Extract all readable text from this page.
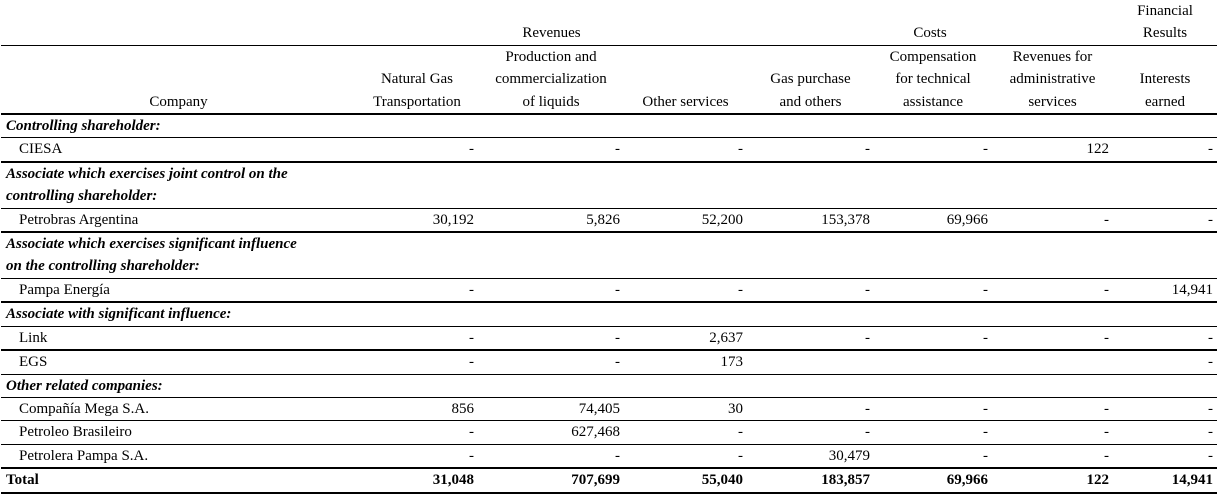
							Financial
	Revenues			Costs			Results
		Production and			Compensation	Revenues for	
	Natural Gas	commercialization		Gas purchase	for technical	administrative	Interests
Company	Transportation	of liquids	Other services	and others	assistance	services	earned
Controlling shareholder:							
CIESA	-	-	-	-	-	122	-
Associate which exercises joint control on the							
controlling shareholder:							
Petrobras Argentina	30,192	5,826	52,200	153,378	69,966	-	-
Associate which exercises significant influence							
on the controlling shareholder:							
Pampa Energía	-	-	-	-	-	-	14,941
Associate with significant influence:							
Link	-	-	2,637	-	-	-	-
EGS	-	-	173				-
Other related companies:							
Compañía Mega S.A.	856	74,405	30	-	-	-	-
Petroleo Brasileiro	-	627,468	-	-	-	-	-
Petrolera Pampa S.A.	-	-	-	30,479	-	-	-
Total	31,048	707,699	55,040	183,857	69,966	122	14,941
